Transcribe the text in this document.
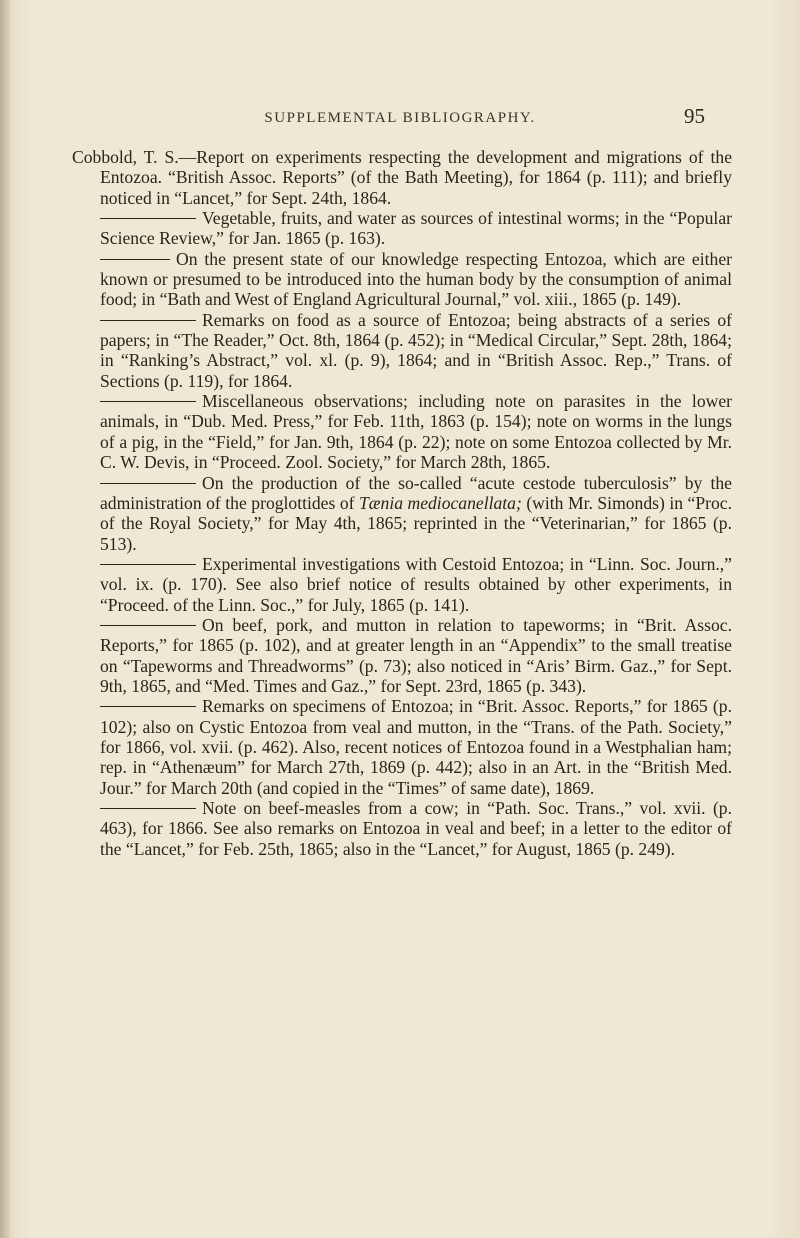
SUPPLEMENTAL BIBLIOGRAPHY.	95

Cobbold, T. S.—Report on experiments respecting the development and migrations of the Entozoa. “British Assoc. Reports” (of the Bath Meeting), for 1864 (p. 111); and briefly noticed in “Lancet,” for Sept. 24th, 1864.

Vegetable, fruits, and water as sources of intestinal worms; in the “Popular Science Review,” for Jan. 1865 (p. 163).

On the present state of our knowledge respecting Entozoa, which are either known or presumed to be introduced into the human body by the consumption of animal food; in “Bath and West of England Agricultural Journal,” vol. xiii., 1865 (p. 149).

Remarks on food as a source of Entozoa; being abstracts of a series of papers; in “The Reader,” Oct. 8th, 1864 (p. 452); in “Medical Circular,” Sept. 28th, 1864; in “Ranking’s Abstract,” vol. xl. (p. 9), 1864; and in “British Assoc. Rep.,” Trans. of Sections (p. 119), for 1864.

Miscellaneous observations; including note on parasites in the lower animals, in “Dub. Med. Press,” for Feb. 11th, 1863 (p. 154); note on worms in the lungs of a pig, in the “Field,” for Jan. 9th, 1864 (p. 22); note on some Entozoa collected by Mr. C. W. Devis, in “Proceed. Zool. Society,” for March 28th, 1865.

On the production of the so-called “acute cestode tuberculosis” by the administration of the proglottides of Tænia mediocanellata; (with Mr. Simonds) in “Proc. of the Royal Society,” for May 4th, 1865; reprinted in the “Veterinarian,” for 1865 (p. 513).

Experimental investigations with Cestoid Entozoa; in “Linn. Soc. Journ.,” vol. ix. (p. 170). See also brief notice of results obtained by other experiments, in “Proceed. of the Linn. Soc.,” for July, 1865 (p. 141).

On beef, pork, and mutton in relation to tapeworms; in “Brit. Assoc. Reports,” for 1865 (p. 102), and at greater length in an “Appendix” to the small treatise on “Tapeworms and Threadworms” (p. 73); also noticed in “Aris’ Birm. Gaz.,” for Sept. 9th, 1865, and “Med. Times and Gaz.,” for Sept. 23rd, 1865 (p. 343).

Remarks on specimens of Entozoa; in “Brit. Assoc. Reports,” for 1865 (p. 102); also on Cystic Entozoa from veal and mutton, in the “Trans. of the Path. Society,” for 1866, vol. xvii. (p. 462). Also, recent notices of Entozoa found in a Westphalian ham; rep. in “Athenæum” for March 27th, 1869 (p. 442); also in an Art. in the “British Med. Jour.” for March 20th (and copied in the “Times” of same date), 1869.

Note on beef-measles from a cow; in “Path. Soc. Trans.,” vol. xvii. (p. 463), for 1866. See also remarks on Entozoa in veal and beef; in a letter to the editor of the “Lancet,” for Feb. 25th, 1865; also in the “Lancet,” for August, 1865 (p. 249).
